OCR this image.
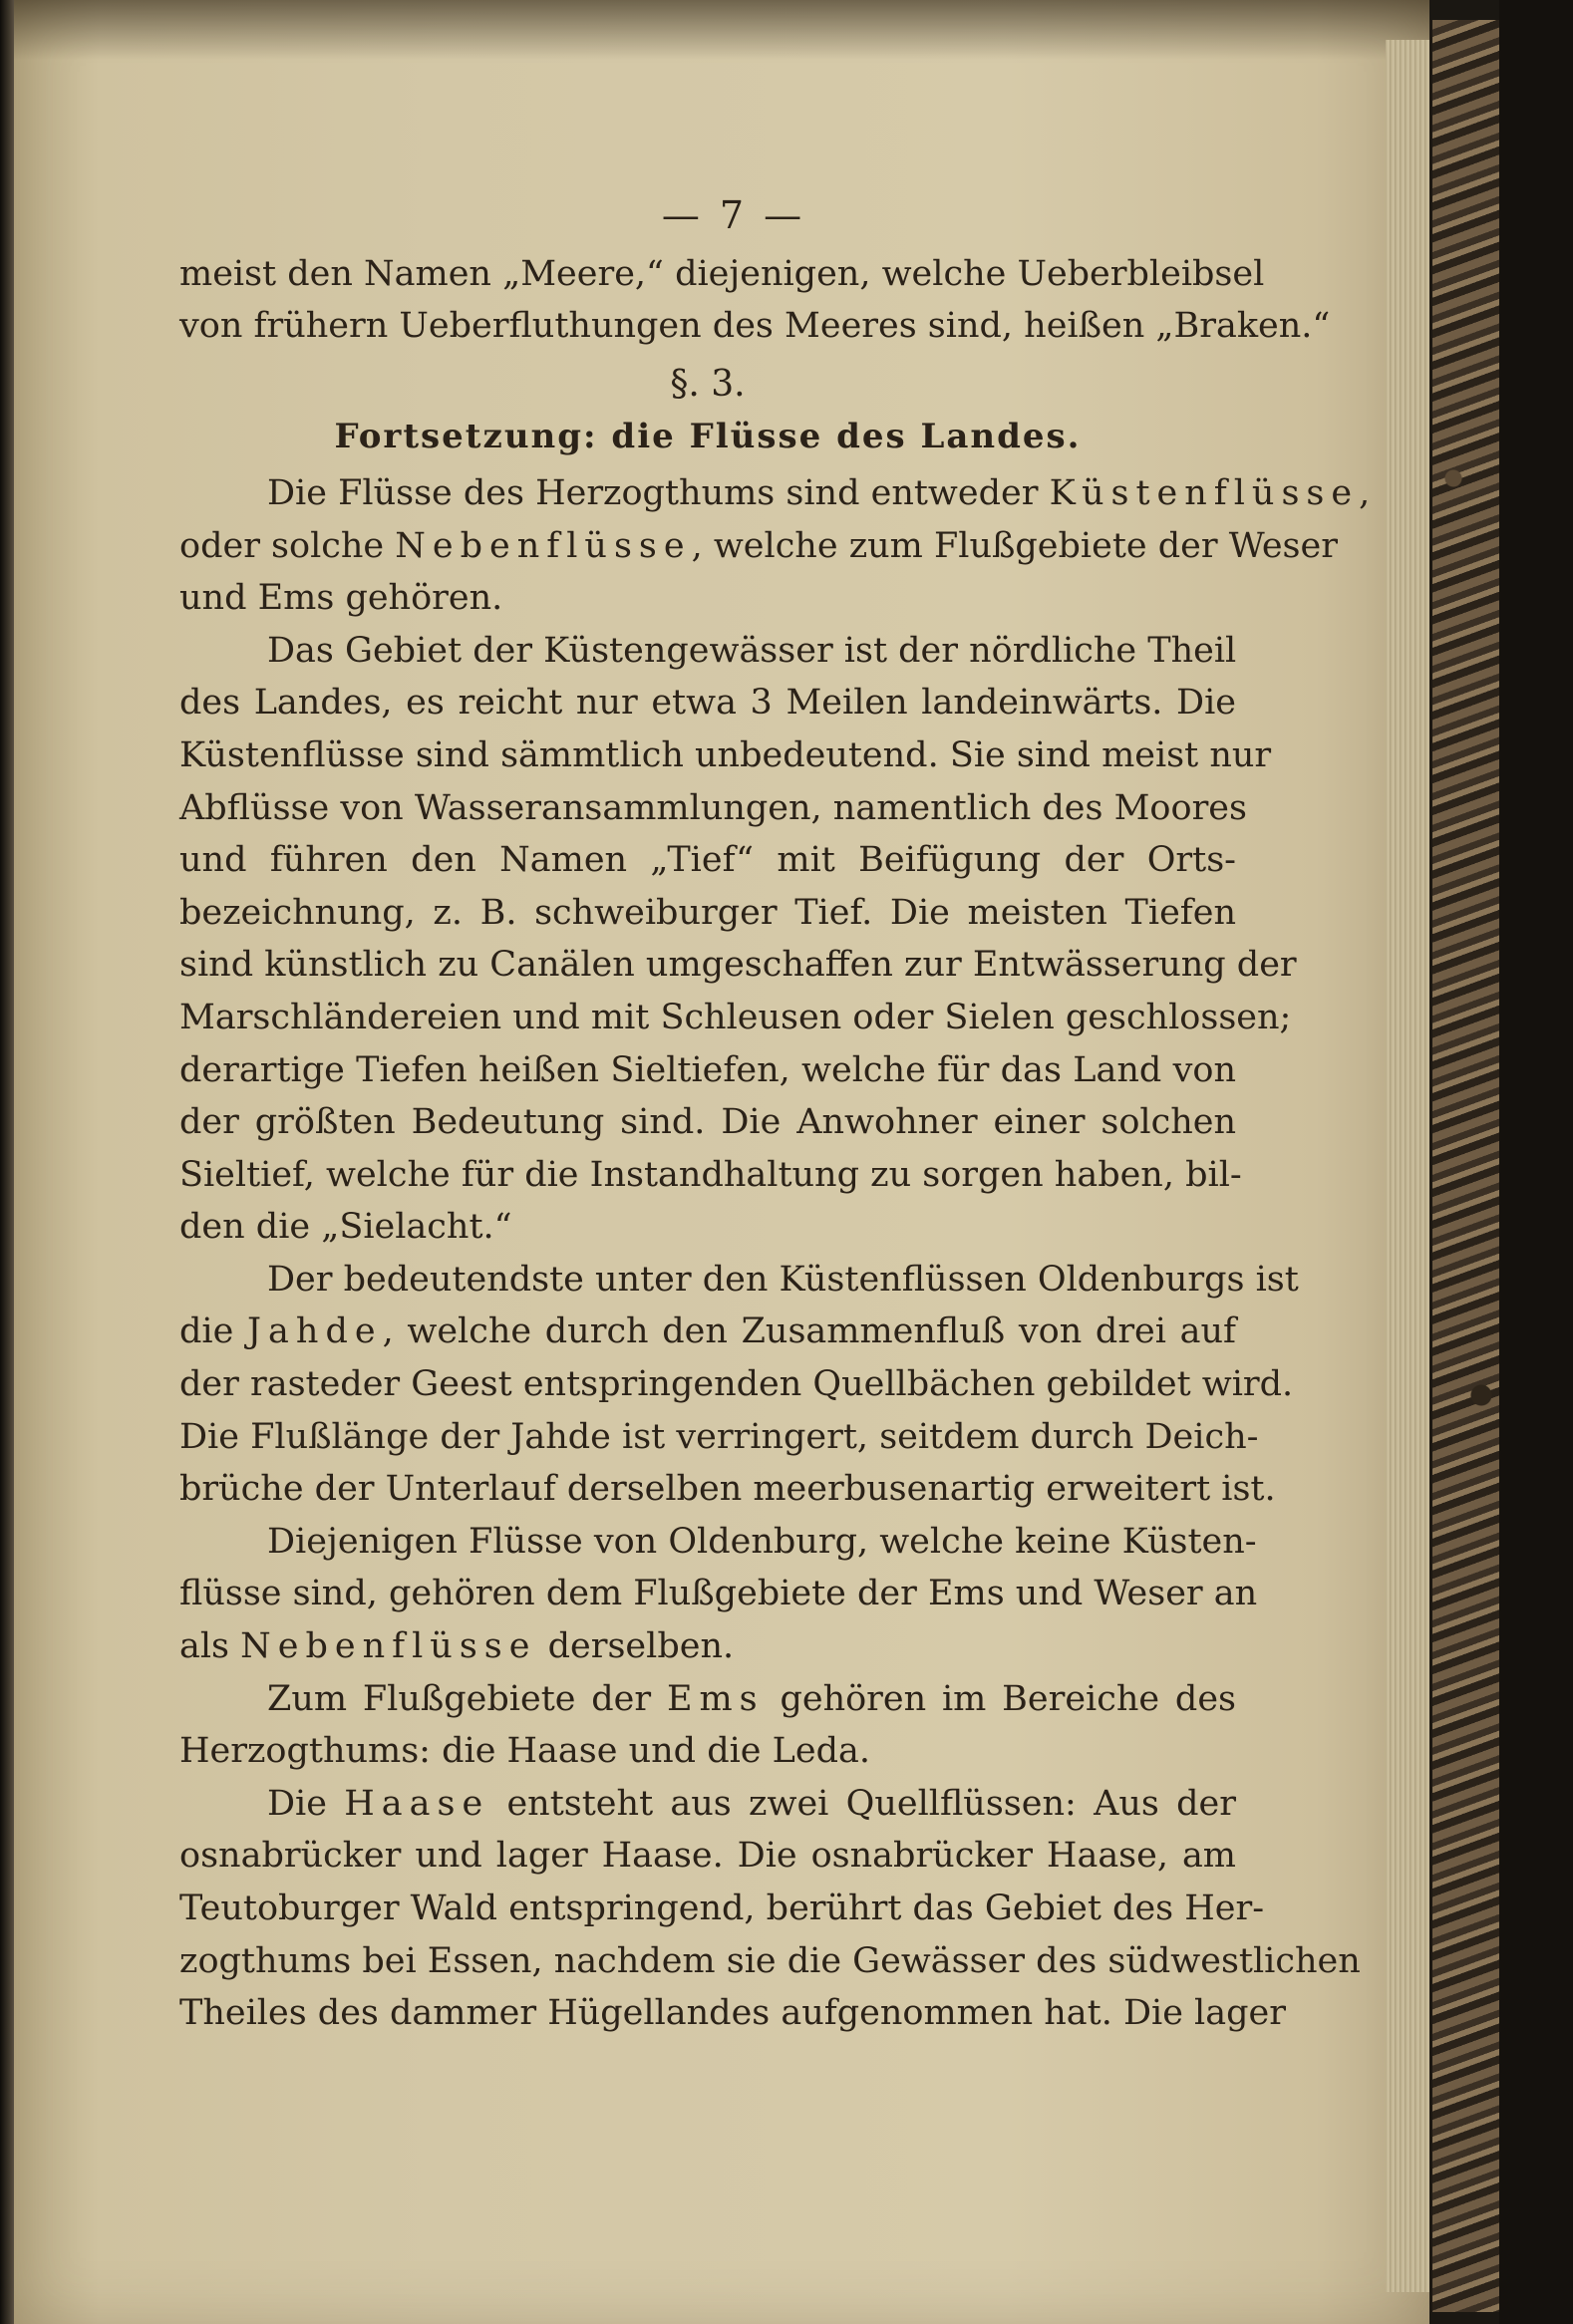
— 7 —
meist den Namen „Meere,“ diejenigen, welche Ueberbleibsel
von frühern Ueberfluthungen des Meeres sind, heißen „Braken.“
§. 3.
Fortsetzung: die Flüsse des Landes.
Die Flüsse des Herzogthums sind entweder Küstenflüsse,
oder solche Nebenflüsse, welche zum Flußgebiete der Weser
und Ems gehören.
Das Gebiet der Küstengewässer ist der nördliche Theil
des Landes, es reicht nur etwa 3 Meilen landeinwärts. Die
Küstenflüsse sind sämmtlich unbedeutend. Sie sind meist nur
Abflüsse von Wasseransammlungen, namentlich des Moores
und führen den Namen „Tief“ mit Beifügung der Orts-
bezeichnung, z. B. schweiburger Tief. Die meisten Tiefen
sind künstlich zu Canälen umgeschaffen zur Entwässerung der
Marschländereien und mit Schleusen oder Sielen geschlossen;
derartige Tiefen heißen Sieltiefen, welche für das Land von
der größten Bedeutung sind. Die Anwohner einer solchen
Sieltief, welche für die Instandhaltung zu sorgen haben, bil-
den die „Sielacht.“
Der bedeutendste unter den Küstenflüssen Oldenburgs ist
die Jahde, welche durch den Zusammenfluß von drei auf
der rasteder Geest entspringenden Quellbächen gebildet wird.
Die Flußlänge der Jahde ist verringert, seitdem durch Deich-
brüche der Unterlauf derselben meerbusenartig erweitert ist.
Diejenigen Flüsse von Oldenburg, welche keine Küsten-
flüsse sind, gehören dem Flußgebiete der Ems und Weser an
als Nebenflüsse derselben.
Zum Flußgebiete der Ems gehören im Bereiche des
Herzogthums: die Haase und die Leda.
Die Haase entsteht aus zwei Quellflüssen: Aus der
osnabrücker und lager Haase. Die osnabrücker Haase, am
Teutoburger Wald entspringend, berührt das Gebiet des Her-
zogthums bei Essen, nachdem sie die Gewässer des südwestlichen
Theiles des dammer Hügellandes aufgenommen hat. Die lager
